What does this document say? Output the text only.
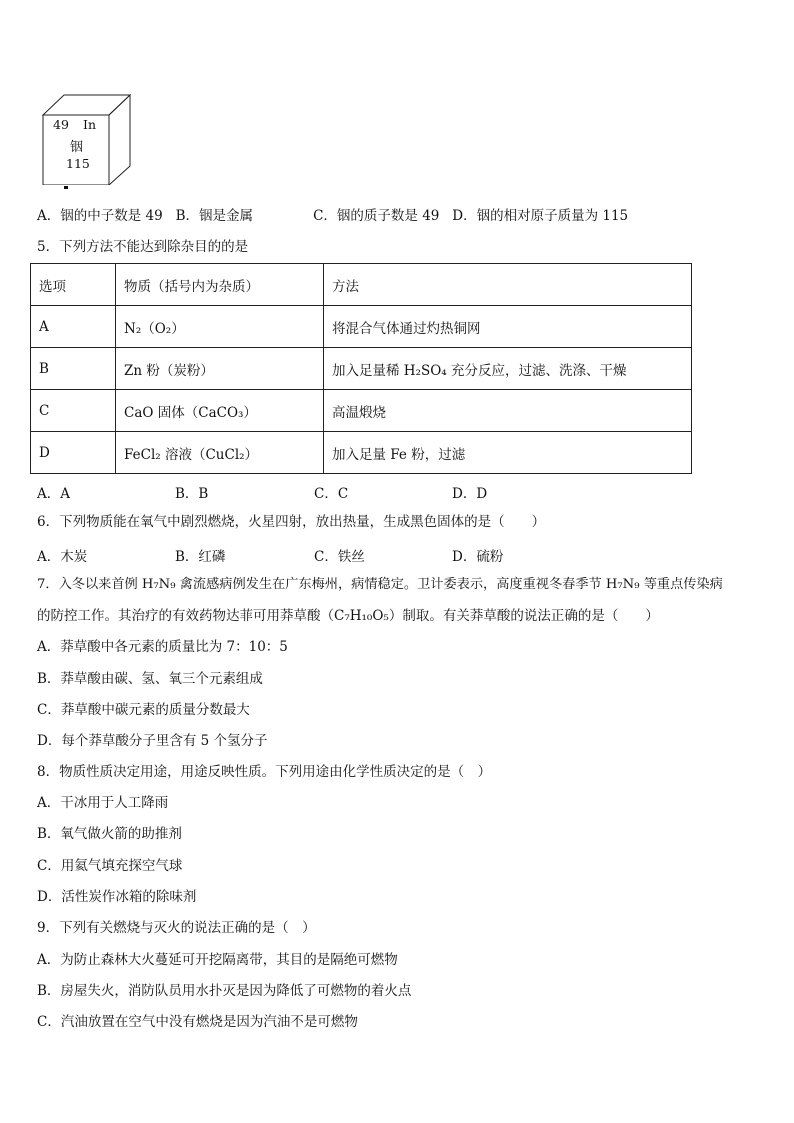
49 In
铟
115
A．铟的中子数是 49   B．铟是金属              C．铟的质子数是 49   D．铟的相对原子质量为 115
5．下列方法不能达到除杂目的的是
选项	物质（括号内为杂质）	方法
A	N₂（O₂）	将混合气体通过灼热铜网
B	Zn 粉（炭粉）	加入足量稀 H₂SO₄ 充分反应，过滤、洗涤、干燥
C	CaO 固体（CaCO₃）	高温煅烧
D	FeCl₂ 溶液（CuCl₂）	加入足量 Fe 粉，过滤
A．A	B．B	C．C	D．D
6．下列物质能在氧气中剧烈燃烧，火星四射，放出热量，生成黑色固体的是（　　）
A．木炭	B．红磷	C．铁丝	D．硫粉
7．入冬以来首例 H₇N₉ 禽流感病例发生在广东梅州，病情稳定。卫计委表示，高度重视冬春季节 H₇N₉ 等重点传染病
的防控工作。其治疗的有效药物达菲可用莽草酸（C₇H₁₀O₅）制取。有关莽草酸的说法正确的是（　　）
A．莽草酸中各元素的质量比为 7：10：5
B．莽草酸由碳、氢、氧三个元素组成
C．莽草酸中碳元素的质量分数最大
D．每个莽草酸分子里含有 5 个氢分子
8．物质性质决定用途，用途反映性质。下列用途由化学性质决定的是（　）
A．干冰用于人工降雨
B．氧气做火箭的助推剂
C．用氦气填充探空气球
D．活性炭作冰箱的除味剂
9．下列有关燃烧与灭火的说法正确的是（　）
A．为防止森林大火蔓延可开挖隔离带，其目的是隔绝可燃物
B．房屋失火，消防队员用水扑灭是因为降低了可燃物的着火点
C．汽油放置在空气中没有燃烧是因为汽油不是可燃物
